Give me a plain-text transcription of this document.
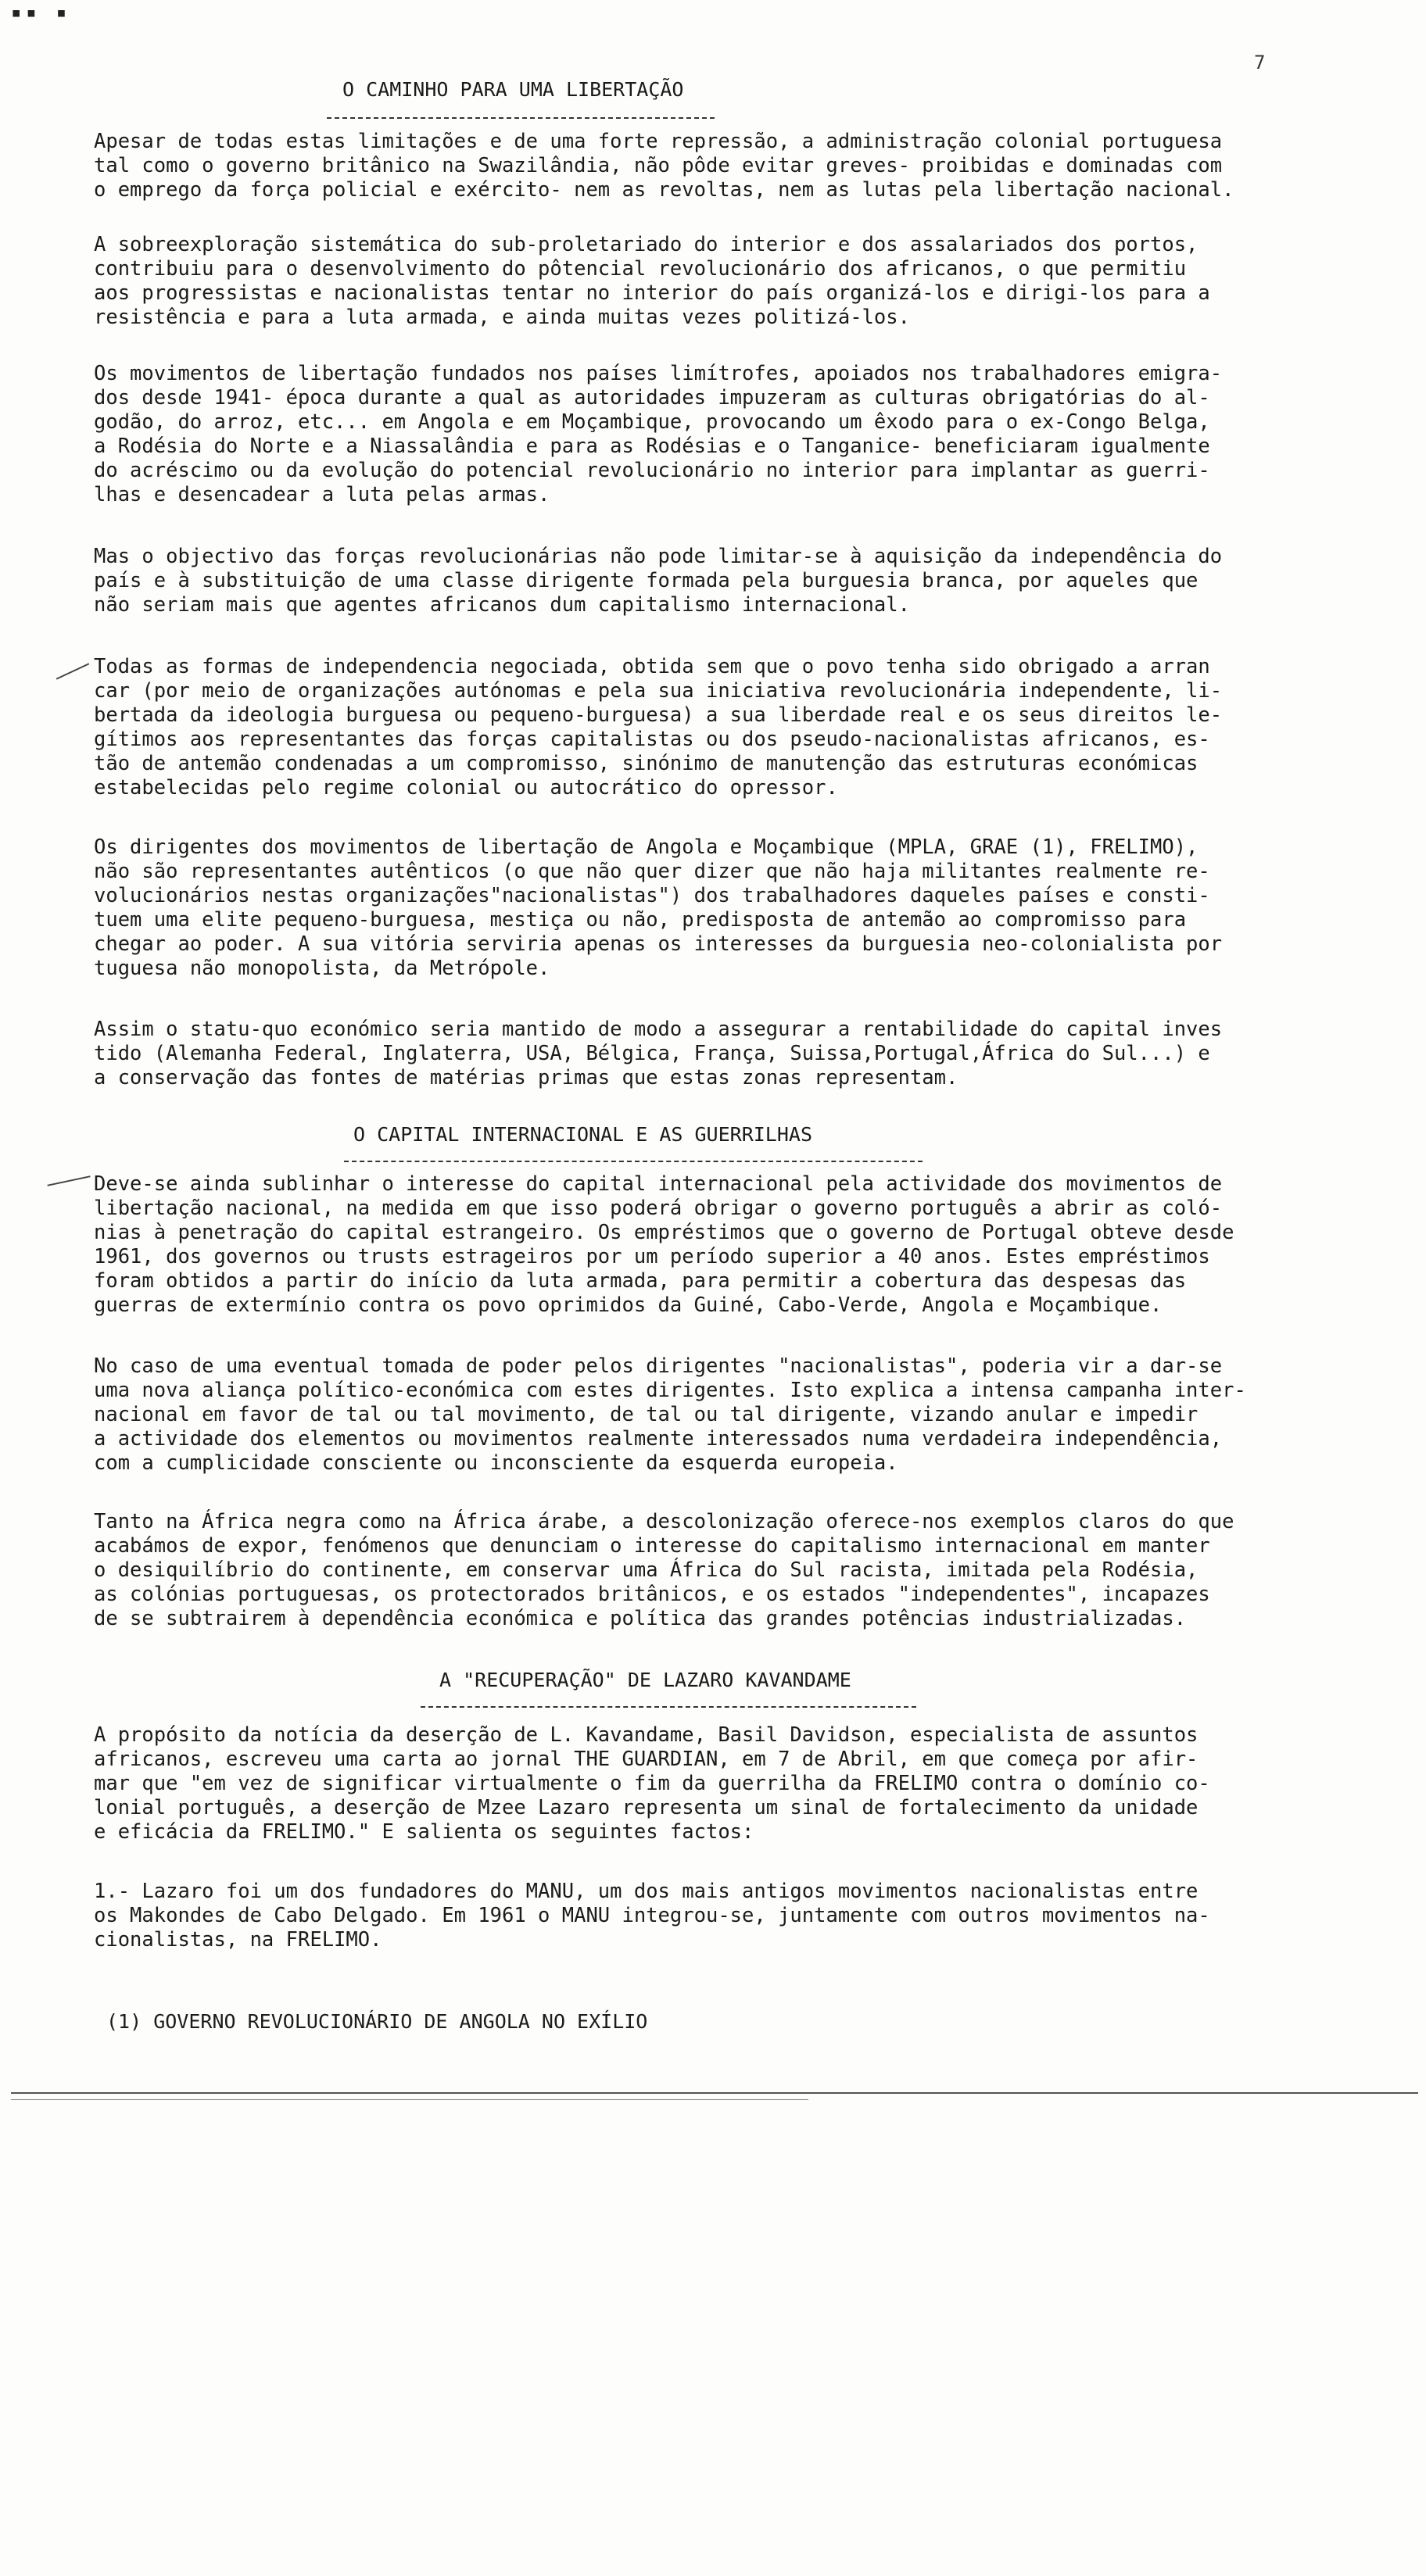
▪▪ ▪
7
O CAMINHO PARA UMA LIBERTAÇÃO

Apesar de todas estas limitações e de uma forte repressão, a administração colonial portuguesa
tal como o governo britânico na Swazilândia, não pôde evitar greves- proibidas e dominadas com
o emprego da força policial e exército- nem as revoltas, nem as lutas pela libertação nacional.

A sobreexploração sistemática do sub-proletariado do interior e dos assalariados dos portos,
contribuiu para o desenvolvimento do pôtencial revolucionário dos africanos, o que permitiu
aos progressistas e nacionalistas tentar no interior do país organizá-los e dirigi-los para a
resistência e para a luta armada, e ainda muitas vezes politizá-los.

Os movimentos de libertação fundados nos países limítrofes, apoiados nos trabalhadores emigra-
dos desde 1941- época durante a qual as autoridades impuzeram as culturas obrigatórias do al-
godão, do arroz, etc... em Angola e em Moçambique, provocando um êxodo para o ex-Congo Belga,
a Rodésia do Norte e a Niassalândia e para as Rodésias e o Tanganice- beneficiaram igualmente
do acréscimo ou da evolução do potencial revolucionário no interior para implantar as guerri-
lhas e desencadear a luta pelas armas.

Mas o objectivo das forças revolucionárias não pode limitar-se à aquisição da independência do
país e à substituição de uma classe dirigente formada pela burguesia branca, por aqueles que
não seriam mais que agentes africanos dum capitalismo internacional.

Todas as formas de independencia negociada, obtida sem que o povo tenha sido obrigado a arran
car (por meio de organizações autónomas e pela sua iniciativa revolucionária independente, li-
bertada da ideologia burguesa ou pequeno-burguesa) a sua liberdade real e os seus direitos le-
gítimos aos representantes das forças capitalistas ou dos pseudo-nacionalistas africanos, es-
tão de antemão condenadas a um compromisso, sinónimo de manutenção das estruturas económicas
estabelecidas pelo regime colonial ou autocrático do opressor.

Os dirigentes dos movimentos de libertação de Angola e Moçambique (MPLA, GRAE (1), FRELIMO),
não são representantes autênticos (o que não quer dizer que não haja militantes realmente re-
volucionários nestas organizações"nacionalistas") dos trabalhadores daqueles países e consti-
tuem uma elite pequeno-burguesa, mestiça ou não, predisposta de antemão ao compromisso para
chegar ao poder. A sua vitória serviria apenas os interesses da burguesia neo-colonialista por
tuguesa não monopolista, da Metrópole.

Assim o statu-quo económico seria mantido de modo a assegurar a rentabilidade do capital inves
tido (Alemanha Federal, Inglaterra, USA, Bélgica, França, Suissa,Portugal,África do Sul...) e
a conservação das fontes de matérias primas que estas zonas representam.

O CAPITAL INTERNACIONAL E AS GUERRILHAS

Deve-se ainda sublinhar o interesse do capital internacional pela actividade dos movimentos de
libertação nacional, na medida em que isso poderá obrigar o governo português a abrir as coló-
nias à penetração do capital estrangeiro. Os empréstimos que o governo de Portugal obteve desde
1961, dos governos ou trusts estrageiros por um período superior a 40 anos. Estes empréstimos
foram obtidos a partir do início da luta armada, para permitir a cobertura das despesas das
guerras de extermínio contra os povo oprimidos da Guiné, Cabo-Verde, Angola e Moçambique.

No caso de uma eventual tomada de poder pelos dirigentes "nacionalistas", poderia vir a dar-se
uma nova aliança político-económica com estes dirigentes. Isto explica a intensa campanha inter-
nacional em favor de tal ou tal movimento, de tal ou tal dirigente, vizando anular e impedir
a actividade dos elementos ou movimentos realmente interessados numa verdadeira independência,
com a cumplicidade consciente ou inconsciente da esquerda europeia.

Tanto na África negra como na África árabe, a descolonização oferece-nos exemplos claros do que
acabámos de expor, fenómenos que denunciam o interesse do capitalismo internacional em manter
o desiquilíbrio do continente, em conservar uma África do Sul racista, imitada pela Rodésia,
as colónias portuguesas, os protectorados britânicos, e os estados "independentes", incapazes
de se subtrairem à dependência económica e política das grandes potências industrializadas.

A "RECUPERAÇÃO" DE LAZARO KAVANDAME

A propósito da notícia da deserção de L. Kavandame, Basil Davidson, especialista de assuntos
africanos, escreveu uma carta ao jornal THE GUARDIAN, em 7 de Abril, em que começa por afir-
mar que "em vez de significar virtualmente o fim da guerrilha da FRELIMO contra o domínio co-
lonial português, a deserção de Mzee Lazaro representa um sinal de fortalecimento da unidade
e eficácia da FRELIMO." E salienta os seguintes factos:

1.- Lazaro foi um dos fundadores do MANU, um dos mais antigos movimentos nacionalistas entre
os Makondes de Cabo Delgado. Em 1961 o MANU integrou-se, juntamente com outros movimentos na-
cionalistas, na FRELIMO.

(1) GOVERNO REVOLUCIONÁRIO DE ANGOLA NO EXÍLIO
